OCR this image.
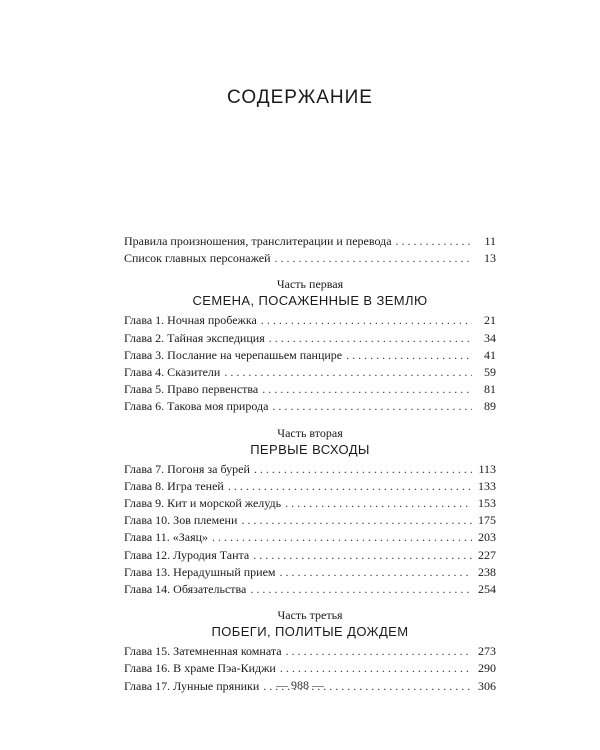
СОДЕРЖАНИЕ
Правила произношения, транслитерации и перевода . . .	11
Список главных персонажей . . .	13
Часть первая
СЕМЕНА, ПОСАЖЕННЫЕ В ЗЕМЛЮ
Глава 1. Ночная пробежка . . .	21
Глава 2. Тайная экспедиция . . .	34
Глава 3. Послание на черепашьем панцире . . .	41
Глава 4. Сказители . . .	59
Глава 5. Право первенства . . .	81
Глава 6. Такова моя природа . . .	89
Часть вторая
ПЕРВЫЕ ВСХОДЫ
Глава 7. Погоня за бурей . . .	113
Глава 8. Игра теней . . .	133
Глава 9. Кит и морской желудь . . .	153
Глава 10. Зов племени . . .	175
Глава 11. «Заяц» . . .	203
Глава 12. Луродия Танта . . .	227
Глава 13. Нерадушный прием . . .	238
Глава 14. Обязательства . . .	254
Часть третья
ПОБЕГИ, ПОЛИТЫЕ ДОЖДЕМ
Глава 15. Затемненная комната . . .	273
Глава 16. В храме Пэа-Киджи . . .	290
Глава 17. Лунные пряники . . .	306
— 988 —
